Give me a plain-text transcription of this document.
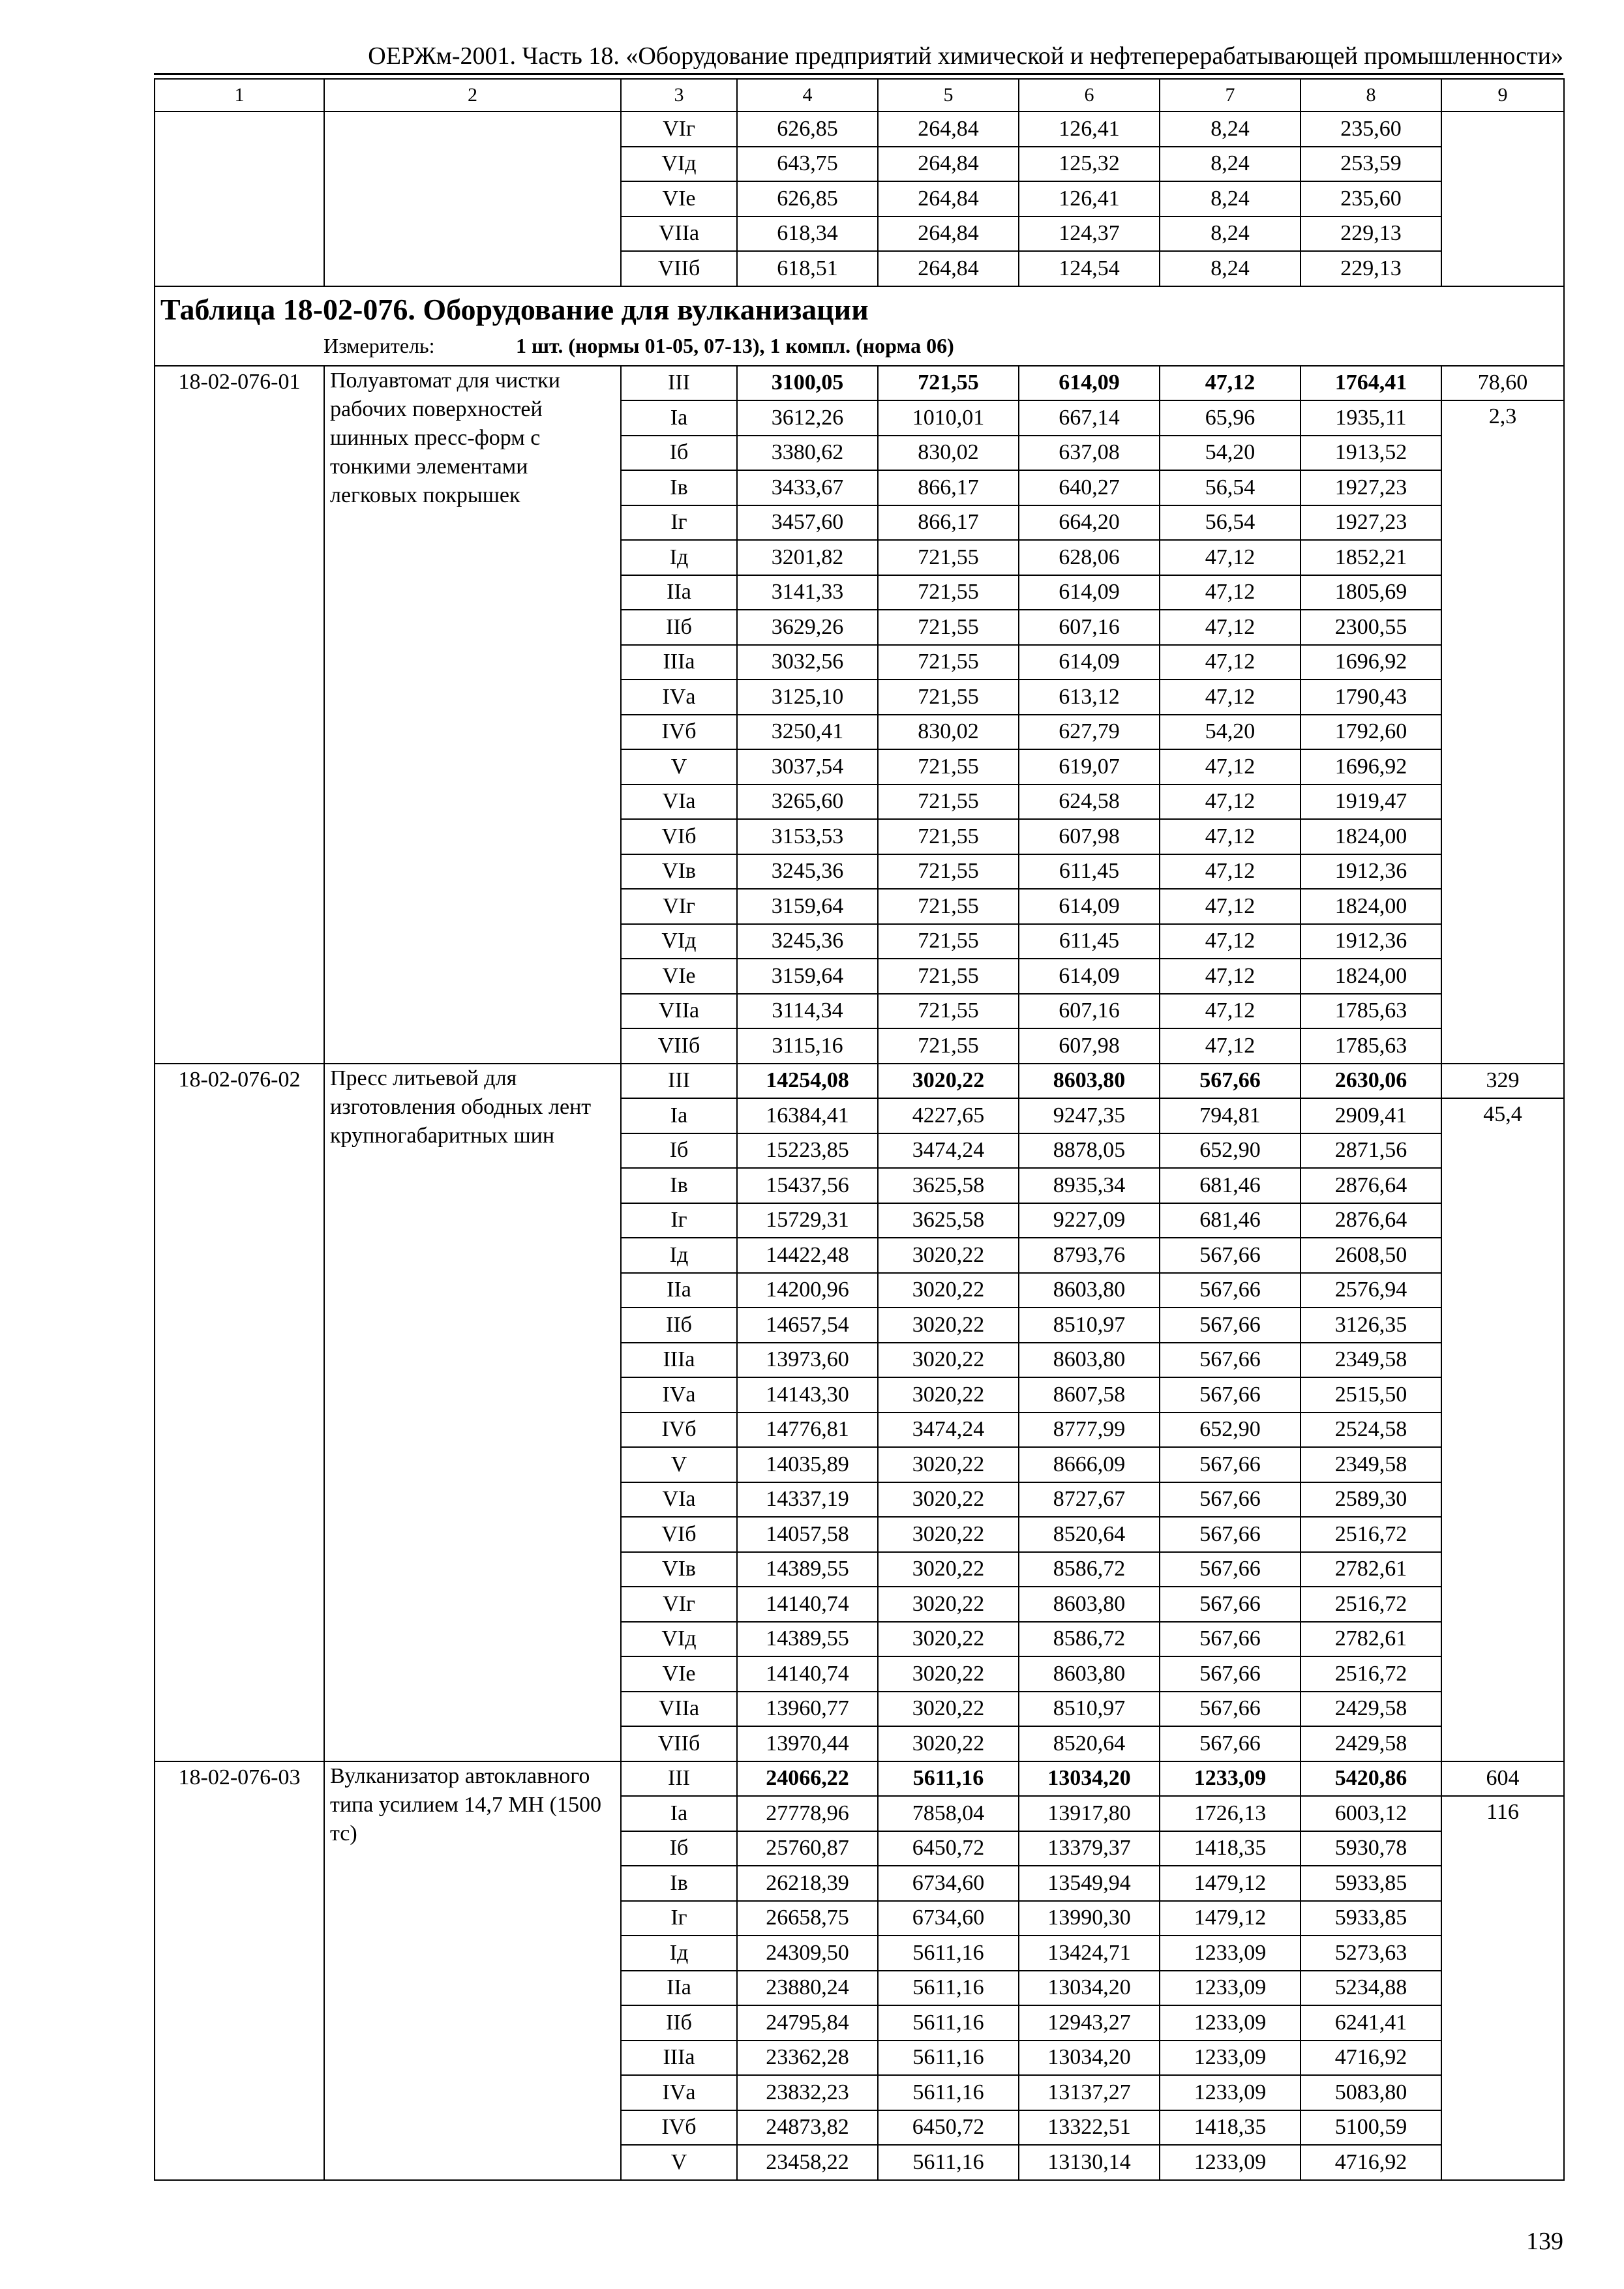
ОЕРЖм-2001. Часть 18. «Оборудование предприятий химической и нефтеперерабатывающей промышленности»
1	2	3	4	5	6	7	8	9
		VIг	626,85	264,84	126,41	8,24	235,60	
		VIд	643,75	264,84	125,32	8,24	253,59	
		VIе	626,85	264,84	126,41	8,24	235,60	
		VIIа	618,34	264,84	124,37	8,24	229,13	
		VIIб	618,51	264,84	124,54	8,24	229,13	

Таблица 18-02-076. Оборудование для вулканизации
Измеритель: 1 шт. (нормы 01-05, 07-13), 1 компл. (норма 06)								

18-02-076-01	Полуавтомат для чистки рабочих поверхностей шинных пресс-форм с тонкими элементами легковых покрышек	III	3100,05	721,55	614,09	47,12	1764,41	78,60
		Iа	3612,26	1010,01	667,14	65,96	1935,11	2,3
		Iб	3380,62	830,02	637,08	54,20	1913,52	
		Iв	3433,67	866,17	640,27	56,54	1927,23	
		Iг	3457,60	866,17	664,20	56,54	1927,23	
		Iд	3201,82	721,55	628,06	47,12	1852,21	
		IIа	3141,33	721,55	614,09	47,12	1805,69	
		IIб	3629,26	721,55	607,16	47,12	2300,55	
		IIIа	3032,56	721,55	614,09	47,12	1696,92	
		IVа	3125,10	721,55	613,12	47,12	1790,43	
		IVб	3250,41	830,02	627,79	54,20	1792,60	
		V	3037,54	721,55	619,07	47,12	1696,92	
		VIа	3265,60	721,55	624,58	47,12	1919,47	
		VIб	3153,53	721,55	607,98	47,12	1824,00	
		VIв	3245,36	721,55	611,45	47,12	1912,36	
		VIг	3159,64	721,55	614,09	47,12	1824,00	
		VIд	3245,36	721,55	611,45	47,12	1912,36	
		VIе	3159,64	721,55	614,09	47,12	1824,00	
		VIIа	3114,34	721,55	607,16	47,12	1785,63	
		VIIб	3115,16	721,55	607,98	47,12	1785,63	
18-02-076-02	Пресс литьевой для изготовления ободных лент крупногабаритных шин	III	14254,08	3020,22	8603,80	567,66	2630,06	329
		Iа	16384,41	4227,65	9247,35	794,81	2909,41	45,4
		Iб	15223,85	3474,24	8878,05	652,90	2871,56	
		Iв	15437,56	3625,58	8935,34	681,46	2876,64	
		Iг	15729,31	3625,58	9227,09	681,46	2876,64	
		Iд	14422,48	3020,22	8793,76	567,66	2608,50	
		IIа	14200,96	3020,22	8603,80	567,66	2576,94	
		IIб	14657,54	3020,22	8510,97	567,66	3126,35	
		IIIа	13973,60	3020,22	8603,80	567,66	2349,58	
		IVа	14143,30	3020,22	8607,58	567,66	2515,50	
		IVб	14776,81	3474,24	8777,99	652,90	2524,58	
		V	14035,89	3020,22	8666,09	567,66	2349,58	
		VIа	14337,19	3020,22	8727,67	567,66	2589,30	
		VIб	14057,58	3020,22	8520,64	567,66	2516,72	
		VIв	14389,55	3020,22	8586,72	567,66	2782,61	
		VIг	14140,74	3020,22	8603,80	567,66	2516,72	
		VIд	14389,55	3020,22	8586,72	567,66	2782,61	
		VIе	14140,74	3020,22	8603,80	567,66	2516,72	
		VIIа	13960,77	3020,22	8510,97	567,66	2429,58	
		VIIб	13970,44	3020,22	8520,64	567,66	2429,58	
18-02-076-03	Вулканизатор автоклавного типа усилием 14,7 МН (1500 тс)	III	24066,22	5611,16	13034,20	1233,09	5420,86	604
		Iа	27778,96	7858,04	13917,80	1726,13	6003,12	116
		Iб	25760,87	6450,72	13379,37	1418,35	5930,78	
		Iв	26218,39	6734,60	13549,94	1479,12	5933,85	
		Iг	26658,75	6734,60	13990,30	1479,12	5933,85	
		Iд	24309,50	5611,16	13424,71	1233,09	5273,63	
		IIа	23880,24	5611,16	13034,20	1233,09	5234,88	
		IIб	24795,84	5611,16	12943,27	1233,09	6241,41	
		IIIа	23362,28	5611,16	13034,20	1233,09	4716,92	
		IVа	23832,23	5611,16	13137,27	1233,09	5083,80	
		IVб	24873,82	6450,72	13322,51	1418,35	5100,59	
		V	23458,22	5611,16	13130,14	1233,09	4716,92	
139
